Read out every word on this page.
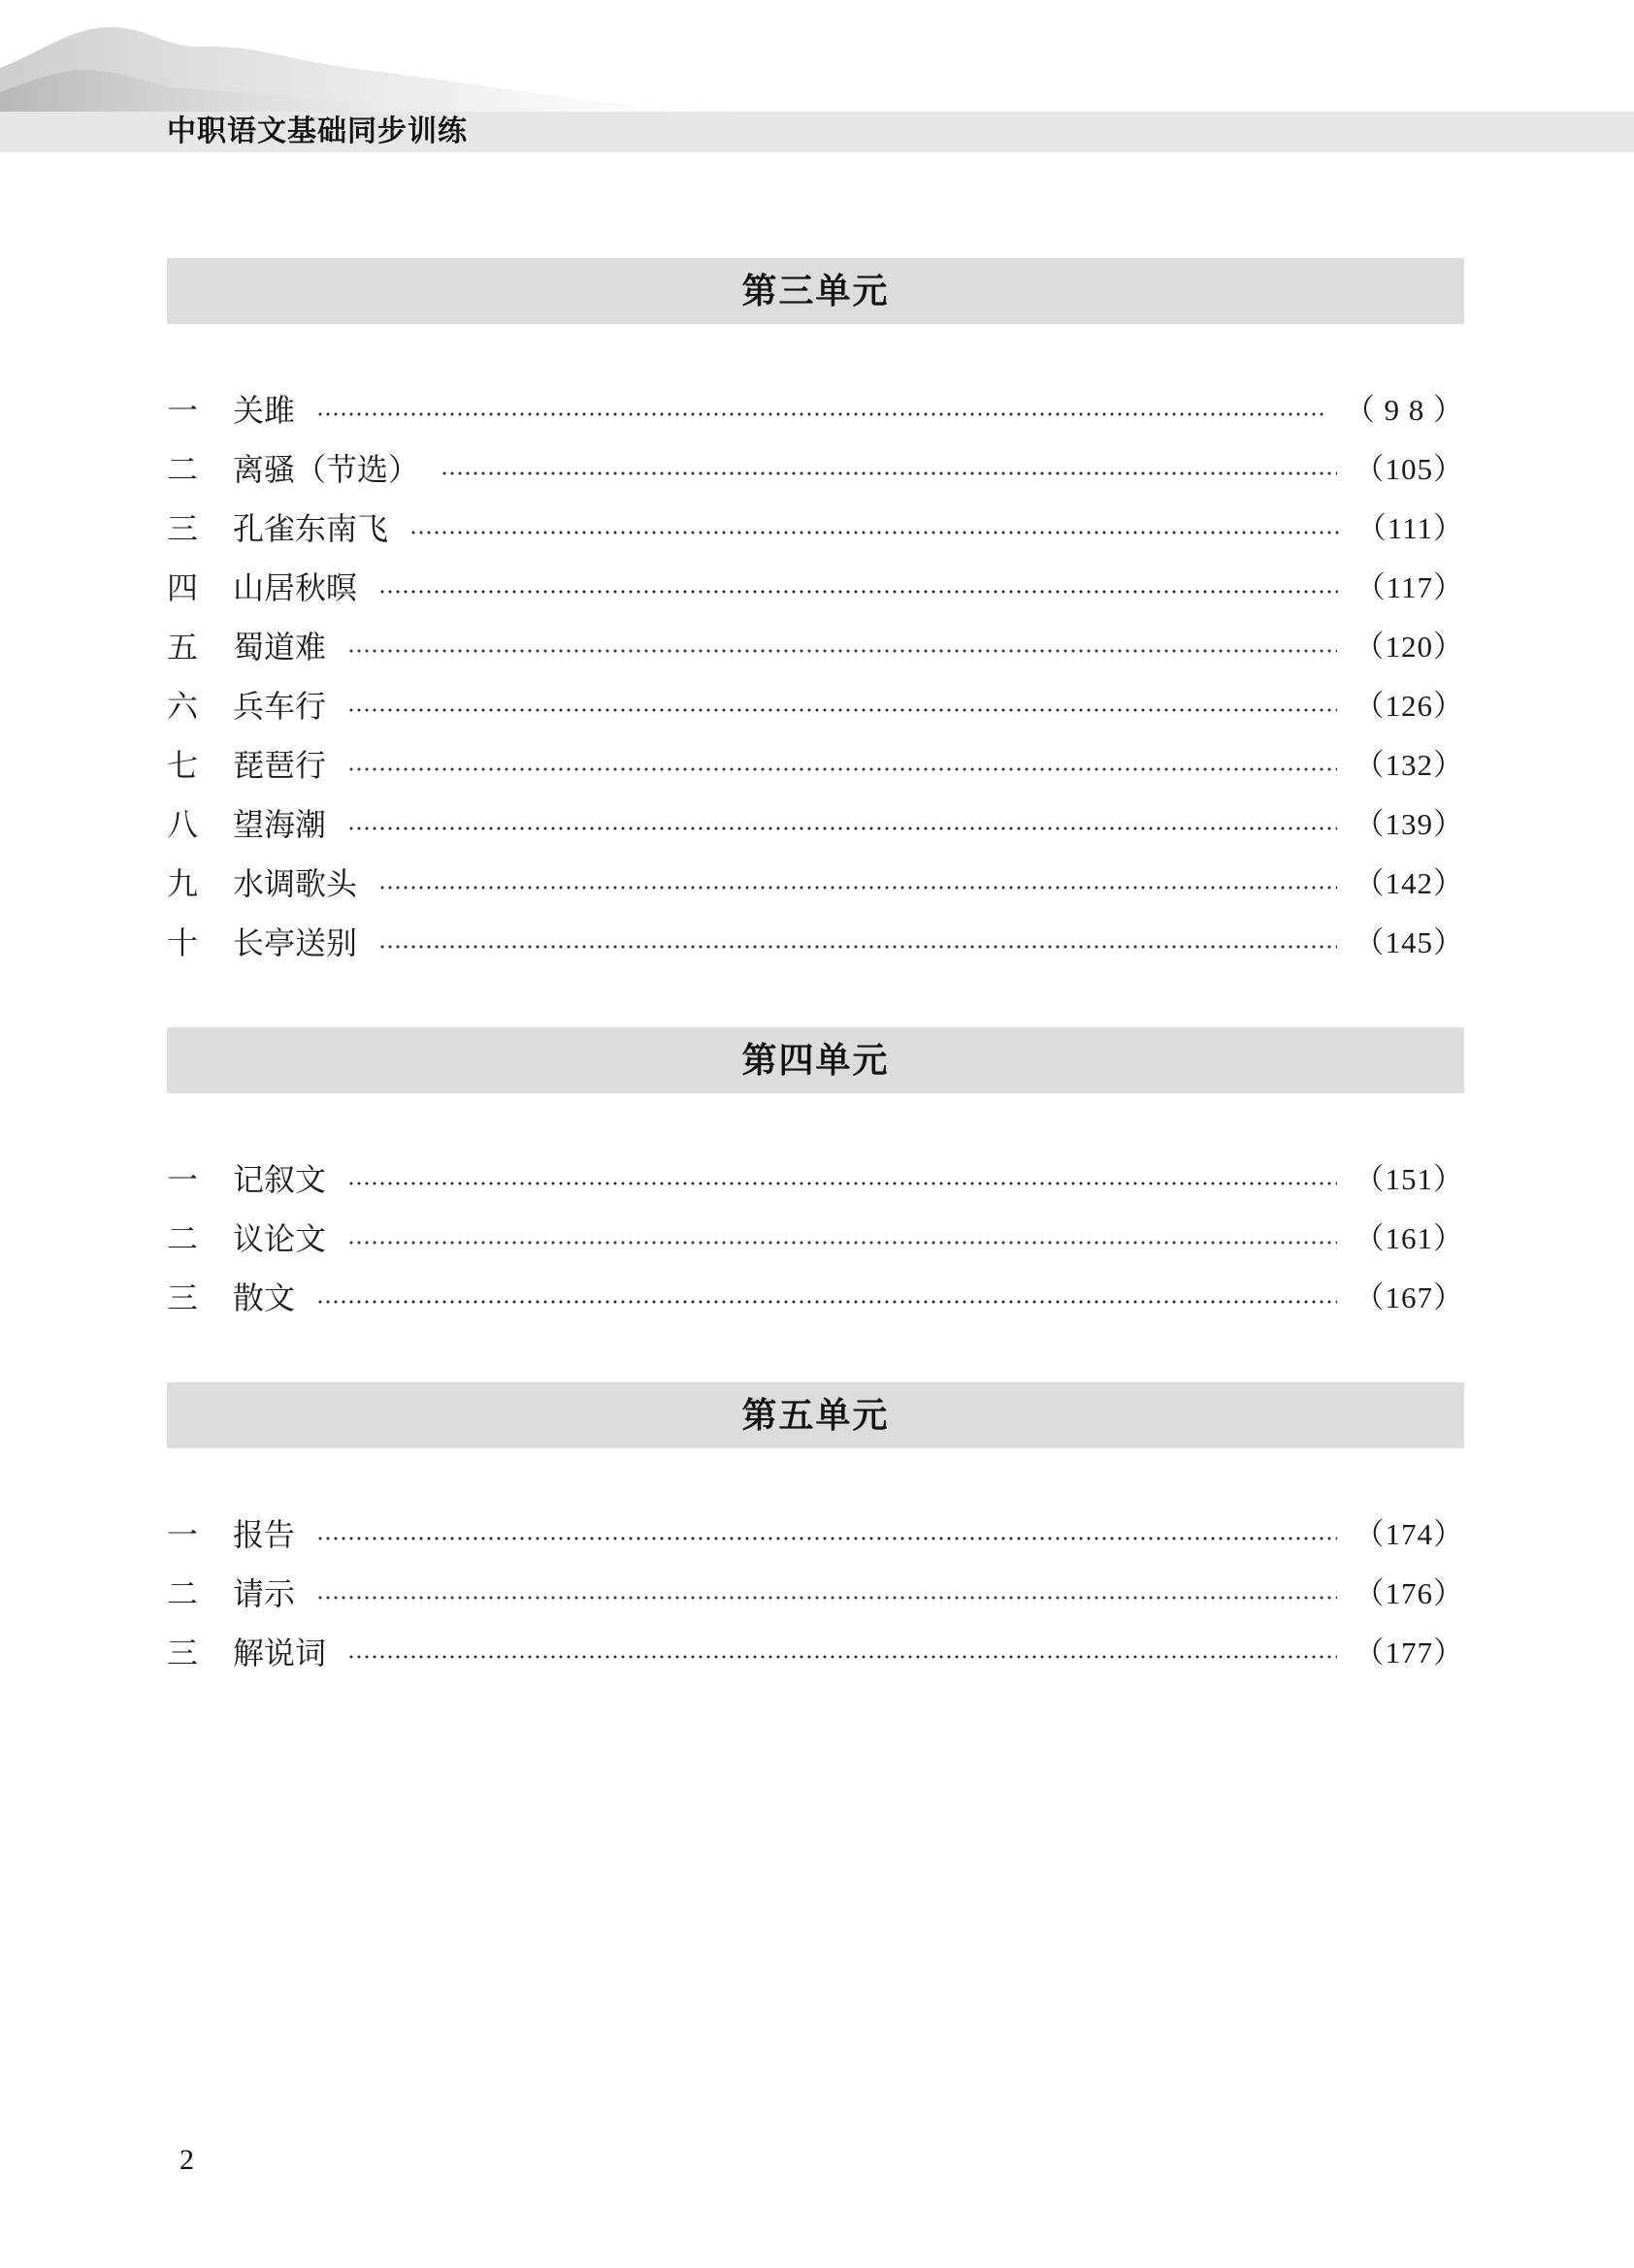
中职语文基础同步训练
第三单元
一	关雎	（ 9 8 ）
二	离骚（节选）	（105）
三	孔雀东南飞	（111）
四	山居秋暝	（117）
五	蜀道难	（120）
六	兵车行	（126）
七	琵琶行	（132）
八	望海潮	（139）
九	水调歌头	（142）
十	长亭送别	（145）
第四单元
一	记叙文	（151）
二	议论文	（161）
三	散文	（167）
第五单元
一	报告	（174）
二	请示	（176）
三	解说词	（177）
2
